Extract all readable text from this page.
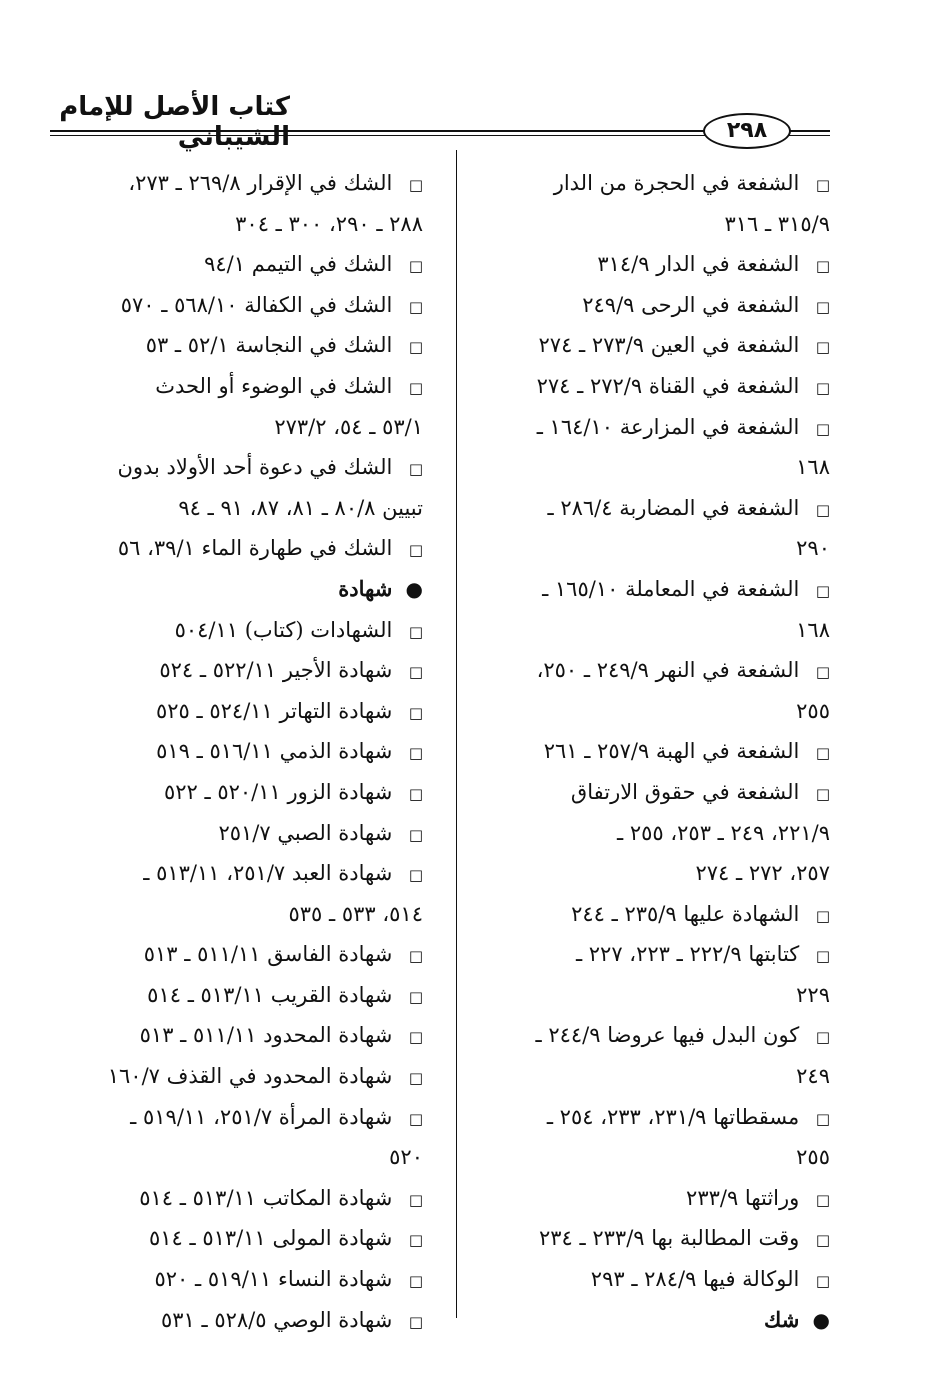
كتاب الأصل للإمام الشيباني	٢٩٨
□ الشفعة في الحجرة من الدار
٣١٥/٩ ـ ٣١٦
□ الشفعة في الدار ٣١٤/٩
□ الشفعة في الرحى ٢٤٩/٩
□ الشفعة في العين ٢٧٣/٩ ـ ٢٧٤
□ الشفعة في القناة ٢٧٢/٩ ـ ٢٧٤
□ الشفعة في المزارعة ١٦٤/١٠ ـ
١٦٨
□ الشفعة في المضاربة ٢٨٦/٤ ـ
٢٩٠
□ الشفعة في المعاملة ١٦٥/١٠ ـ
١٦٨
□ الشفعة في النهر ٢٤٩/٩ ـ ٢٥٠،
٢٥٥
□ الشفعة في الهبة ٢٥٧/٩ ـ ٢٦١
□ الشفعة في حقوق الارتفاق
٢٢١/٩، ٢٤٩ ـ ٢٥٣، ٢٥٥ ـ
٢٥٧، ٢٧٢ ـ ٢٧٤
□ الشهادة عليها ٢٣٥/٩ ـ ٢٤٤
□ كتابتها ٢٢٢/٩ ـ ٢٢٣، ٢٢٧ ـ
٢٢٩
□ كون البدل فيها عروضا ٢٤٤/٩ ـ
٢٤٩
□ مسقطاتها ٢٣١/٩، ٢٣٣، ٢٥٤ ـ
٢٥٥
□ وراثتها ٢٣٣/٩
□ وقت المطالبة بها ٢٣٣/٩ ـ ٢٣٤
□ الوكالة فيها ٢٨٤/٩ ـ ٢٩٣
● شك
□ الشك في الإقرار ٢٦٩/٨ ـ ٢٧٣،
٢٨٨ ـ ٢٩٠، ٣٠٠ ـ ٣٠٤
□ الشك في التيمم ٩٤/١
□ الشك في الكفالة ٥٦٨/١٠ ـ ٥٧٠
□ الشك في النجاسة ٥٢/١ ـ ٥٣
□ الشك في الوضوء أو الحدث
٥٣/١ ـ ٥٤، ٢٧٣/٢
□ الشك في دعوة أحد الأولاد بدون
تبيين ٨٠/٨ ـ ٨١، ٨٧، ٩١ ـ ٩٤
□ الشك في طهارة الماء ٣٩/١، ٥٦
● شهادة
□ الشهادات (كتاب) ٥٠٤/١١
□ شهادة الأجير ٥٢٢/١١ ـ ٥٢٤
□ شهادة التهاتر ٥٢٤/١١ ـ ٥٢٥
□ شهادة الذمي ٥١٦/١١ ـ ٥١٩
□ شهادة الزور ٥٢٠/١١ ـ ٥٢٢
□ شهادة الصبي ٢٥١/٧
□ شهادة العبد ٢٥١/٧، ٥١٣/١١ ـ
٥١٤، ٥٣٣ ـ ٥٣٥
□ شهادة الفاسق ٥١١/١١ ـ ٥١٣
□ شهادة القريب ٥١٣/١١ ـ ٥١٤
□ شهادة المحدود ٥١١/١١ ـ ٥١٣
□ شهادة المحدود في القذف ١٦٠/٧
□ شهادة المرأة ٢٥١/٧، ٥١٩/١١ ـ
٥٢٠
□ شهادة المكاتب ٥١٣/١١ ـ ٥١٤
□ شهادة المولى ٥١٣/١١ ـ ٥١٤
□ شهادة النساء ٥١٩/١١ ـ ٥٢٠
□ شهادة الوصي ٥٢٨/٥ ـ ٥٣١
